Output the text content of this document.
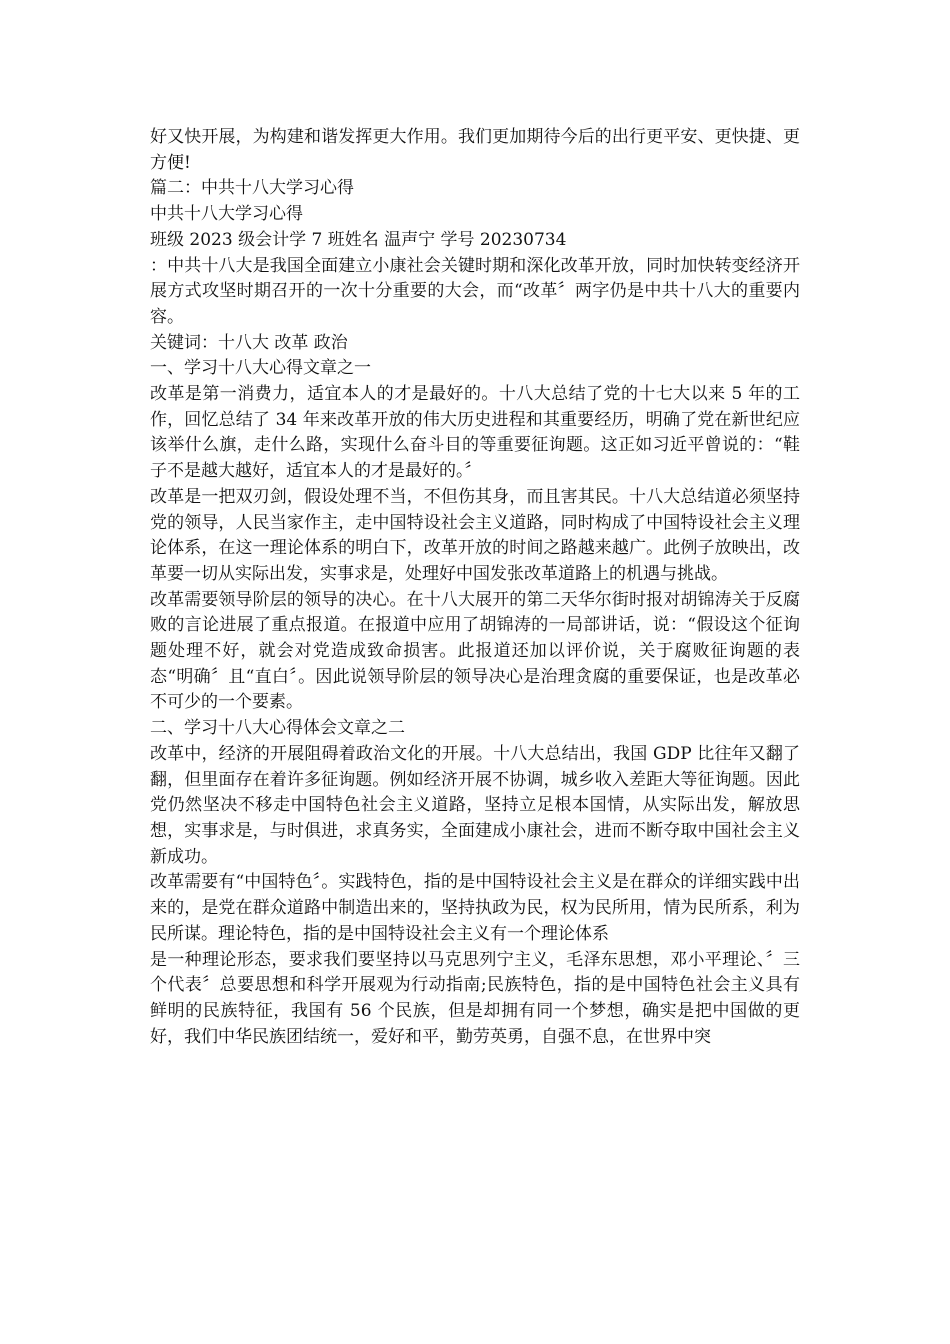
好又快开展，为构建和谐发挥更大作用。我们更加期待今后的出行更平安、更快捷、更方便!

篇二：中共十八大学习心得

中共十八大学习心得

班级 2023 级会计学 7 班姓名 温声宁 学号 20230734

：中共十八大是我国全面建立小康社会关键时期和深化改革开放，同时加快转变经济开展方式攻坚时期召开的一次十分重要的大会，而“改革〞两字仍是中共十八大的重要内容。

关键词：十八大 改革 政治

一、学习十八大心得文章之一

改革是第一消费力，适宜本人的才是最好的。十八大总结了党的十七大以来 5 年的工作，回忆总结了 34 年来改革开放的伟大历史进程和其重要经历，明确了党在新世纪应该举什么旗，走什么路，实现什么奋斗目的等重要征询题。这正如习近平曾说的：“鞋子不是越大越好，适宜本人的才是最好的。〞

改革是一把双刃剑，假设处理不当，不但伤其身，而且害其民。十八大总结道必须坚持党的领导，人民当家作主，走中国特设社会主义道路，同时构成了中国特设社会主义理论体系，在这一理论体系的明白下，改革开放的时间之路越来越广。此例子放映出，改革要一切从实际出发，实事求是，处理好中国发张改革道路上的机遇与挑战。

改革需要领导阶层的领导的决心。在十八大展开的第二天华尔街时报对胡锦涛关于反腐败的言论进展了重点报道。在报道中应用了胡锦涛的一局部讲话，说：“假设这个征询题处理不好，就会对党造成致命损害。此报道还加以评价说，关于腐败征询题的表态“明确〞且“直白〞。因此说领导阶层的领导决心是治理贪腐的重要保证，也是改革必不可少的一个要素。

二、学习十八大心得体会文章之二

改革中，经济的开展阻碍着政治文化的开展。十八大总结出，我国 GDP 比往年又翻了翻，但里面存在着许多征询题。例如经济开展不协调，城乡收入差距大等征询题。因此党仍然坚决不移走中国特色社会主义道路，坚持立足根本国情，从实际出发，解放思想，实事求是，与时俱进，求真务实，全面建成小康社会，进而不断夺取中国社会主义新成功。

改革需要有“中国特色〞。实践特色，指的是中国特设社会主义是在群众的详细实践中出来的，是党在群众道路中制造出来的，坚持执政为民，权为民所用，情为民所系，利为民所谋。理论特色，指的是中国特设社会主义有一个理论体系

是一种理论形态，要求我们要坚持以马克思列宁主义，毛泽东思想，邓小平理论、〞三个代表〞总要思想和科学开展观为行动指南;民族特色，指的是中国特色社会主义具有鲜明的民族特征，我国有 56 个民族，但是却拥有同一个梦想，确实是把中国做的更好，我们中华民族团结统一，爱好和平，勤劳英勇，自强不息，在世界中突
